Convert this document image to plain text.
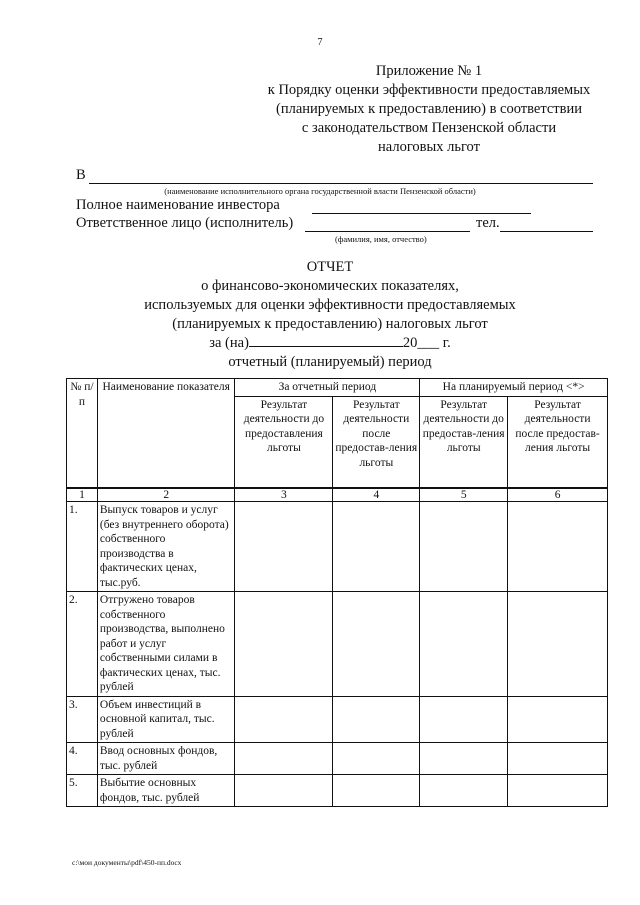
7
Приложение № 1
к Порядку оценки эффективности предоставляемых
(планируемых к предоставлению) в соответствии
с законодательством Пензенской области
налоговых льгот
В
(наименование исполнительного органа государственной власти Пензенской области)
Полное наименование инвестора
Ответственное лицо (исполнитель)	тел.
(фамилия, имя, отчество)
ОТЧЕТ
о финансово-экономических показателях,
используемых для оценки эффективности предоставляемых
(планируемых к предоставлению) налоговых льгот
за (на)	20___ г.
отчетный (планируемый) период
№ п/п	Наименование показателя	За отчетный период		На планируемый период <*>	
		Результат деятельности до предоставления льготы	Результат деятельности после предостав-ления льготы	Результат деятельности до предостав-ления льготы	Результат деятельности после предостав-ления льготы
1	2	3	4	5	6
1.	Выпуск товаров и услуг (без внутреннего оборота) собственного производства в фактических ценах, тыс.руб.				
2.	Отгружено товаров собственного производства, выполнено работ и услуг собственными силами в фактических ценах, тыс. рублей				
3.	Объем инвестиций в основной капитал, тыс. рублей				
4.	Ввод основных фондов, тыс. рублей				
5.	Выбытие основных фондов, тыс. рублей				
c:\мои документы\pdf\450-пп.docx
